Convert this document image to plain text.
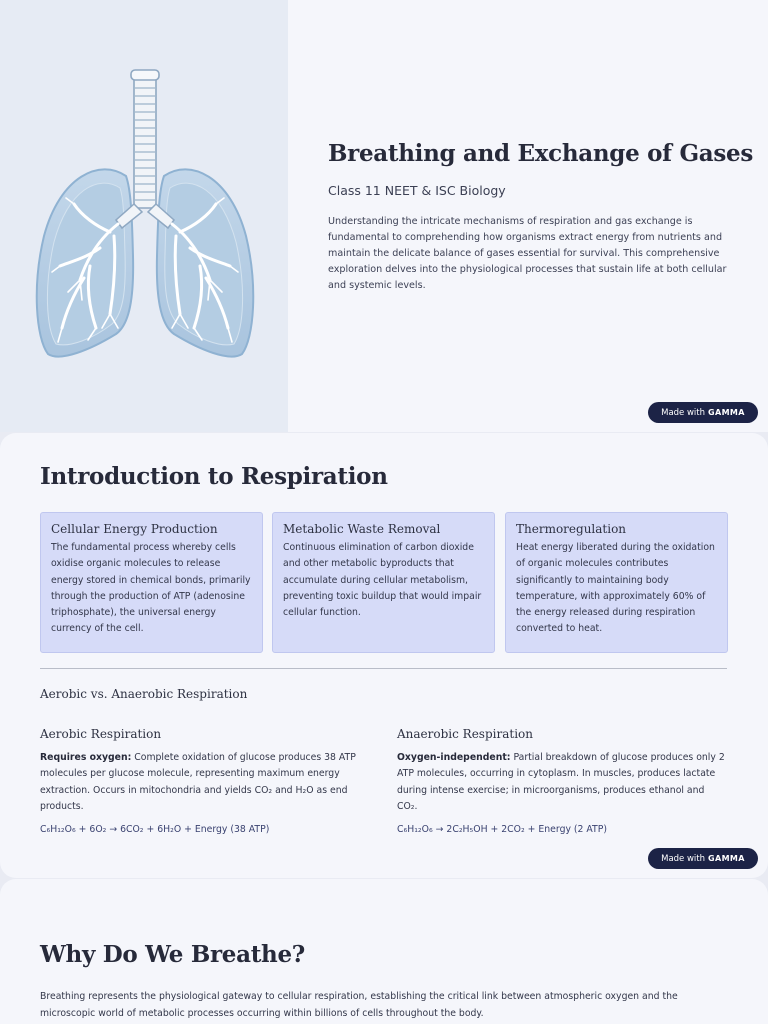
Breathing and Exchange of Gases
Class 11 NEET & ISC Biology

Understanding the intricate mechanisms of respiration and gas exchange is fundamental to comprehending how organisms extract energy from nutrients and maintain the delicate balance of gases essential for survival. This comprehensive exploration delves into the physiological processes that sustain life at both cellular and systemic levels.

Made with GAMMA
Introduction to Respiration
Cellular Energy Production

The fundamental process whereby cells oxidise organic molecules to release energy stored in chemical bonds, primarily through the production of ATP (adenosine triphosphate), the universal energy currency of the cell.

Metabolic Waste Removal

Continuous elimination of carbon dioxide and other metabolic byproducts that accumulate during cellular metabolism, preventing toxic buildup that would impair cellular function.

Thermoregulation

Heat energy liberated during the oxidation of organic molecules contributes significantly to maintaining body temperature, with approximately 60% of the energy released during respiration converted to heat.

Aerobic vs. Anaerobic Respiration
Aerobic Respiration

Requires oxygen: Complete oxidation of glucose produces 38 ATP molecules per glucose molecule, representing maximum energy extraction. Occurs in mitochondria and yields CO₂ and H₂O as end products.

C₆H₁₂O₆ + 6O₂ → 6CO₂ + 6H₂O + Energy (38 ATP)
Anaerobic Respiration

Oxygen-independent: Partial breakdown of glucose produces only 2 ATP molecules, occurring in cytoplasm. In muscles, produces lactate during intense exercise; in microorganisms, produces ethanol and CO₂.

C₆H₁₂O₆ → 2C₂H₅OH + 2CO₂ + Energy (2 ATP)
Made with GAMMA
Why Do We Breathe?

Breathing represents the physiological gateway to cellular respiration, establishing the critical link between atmospheric oxygen and the microscopic world of metabolic processes occurring within billions of cells throughout the body.
